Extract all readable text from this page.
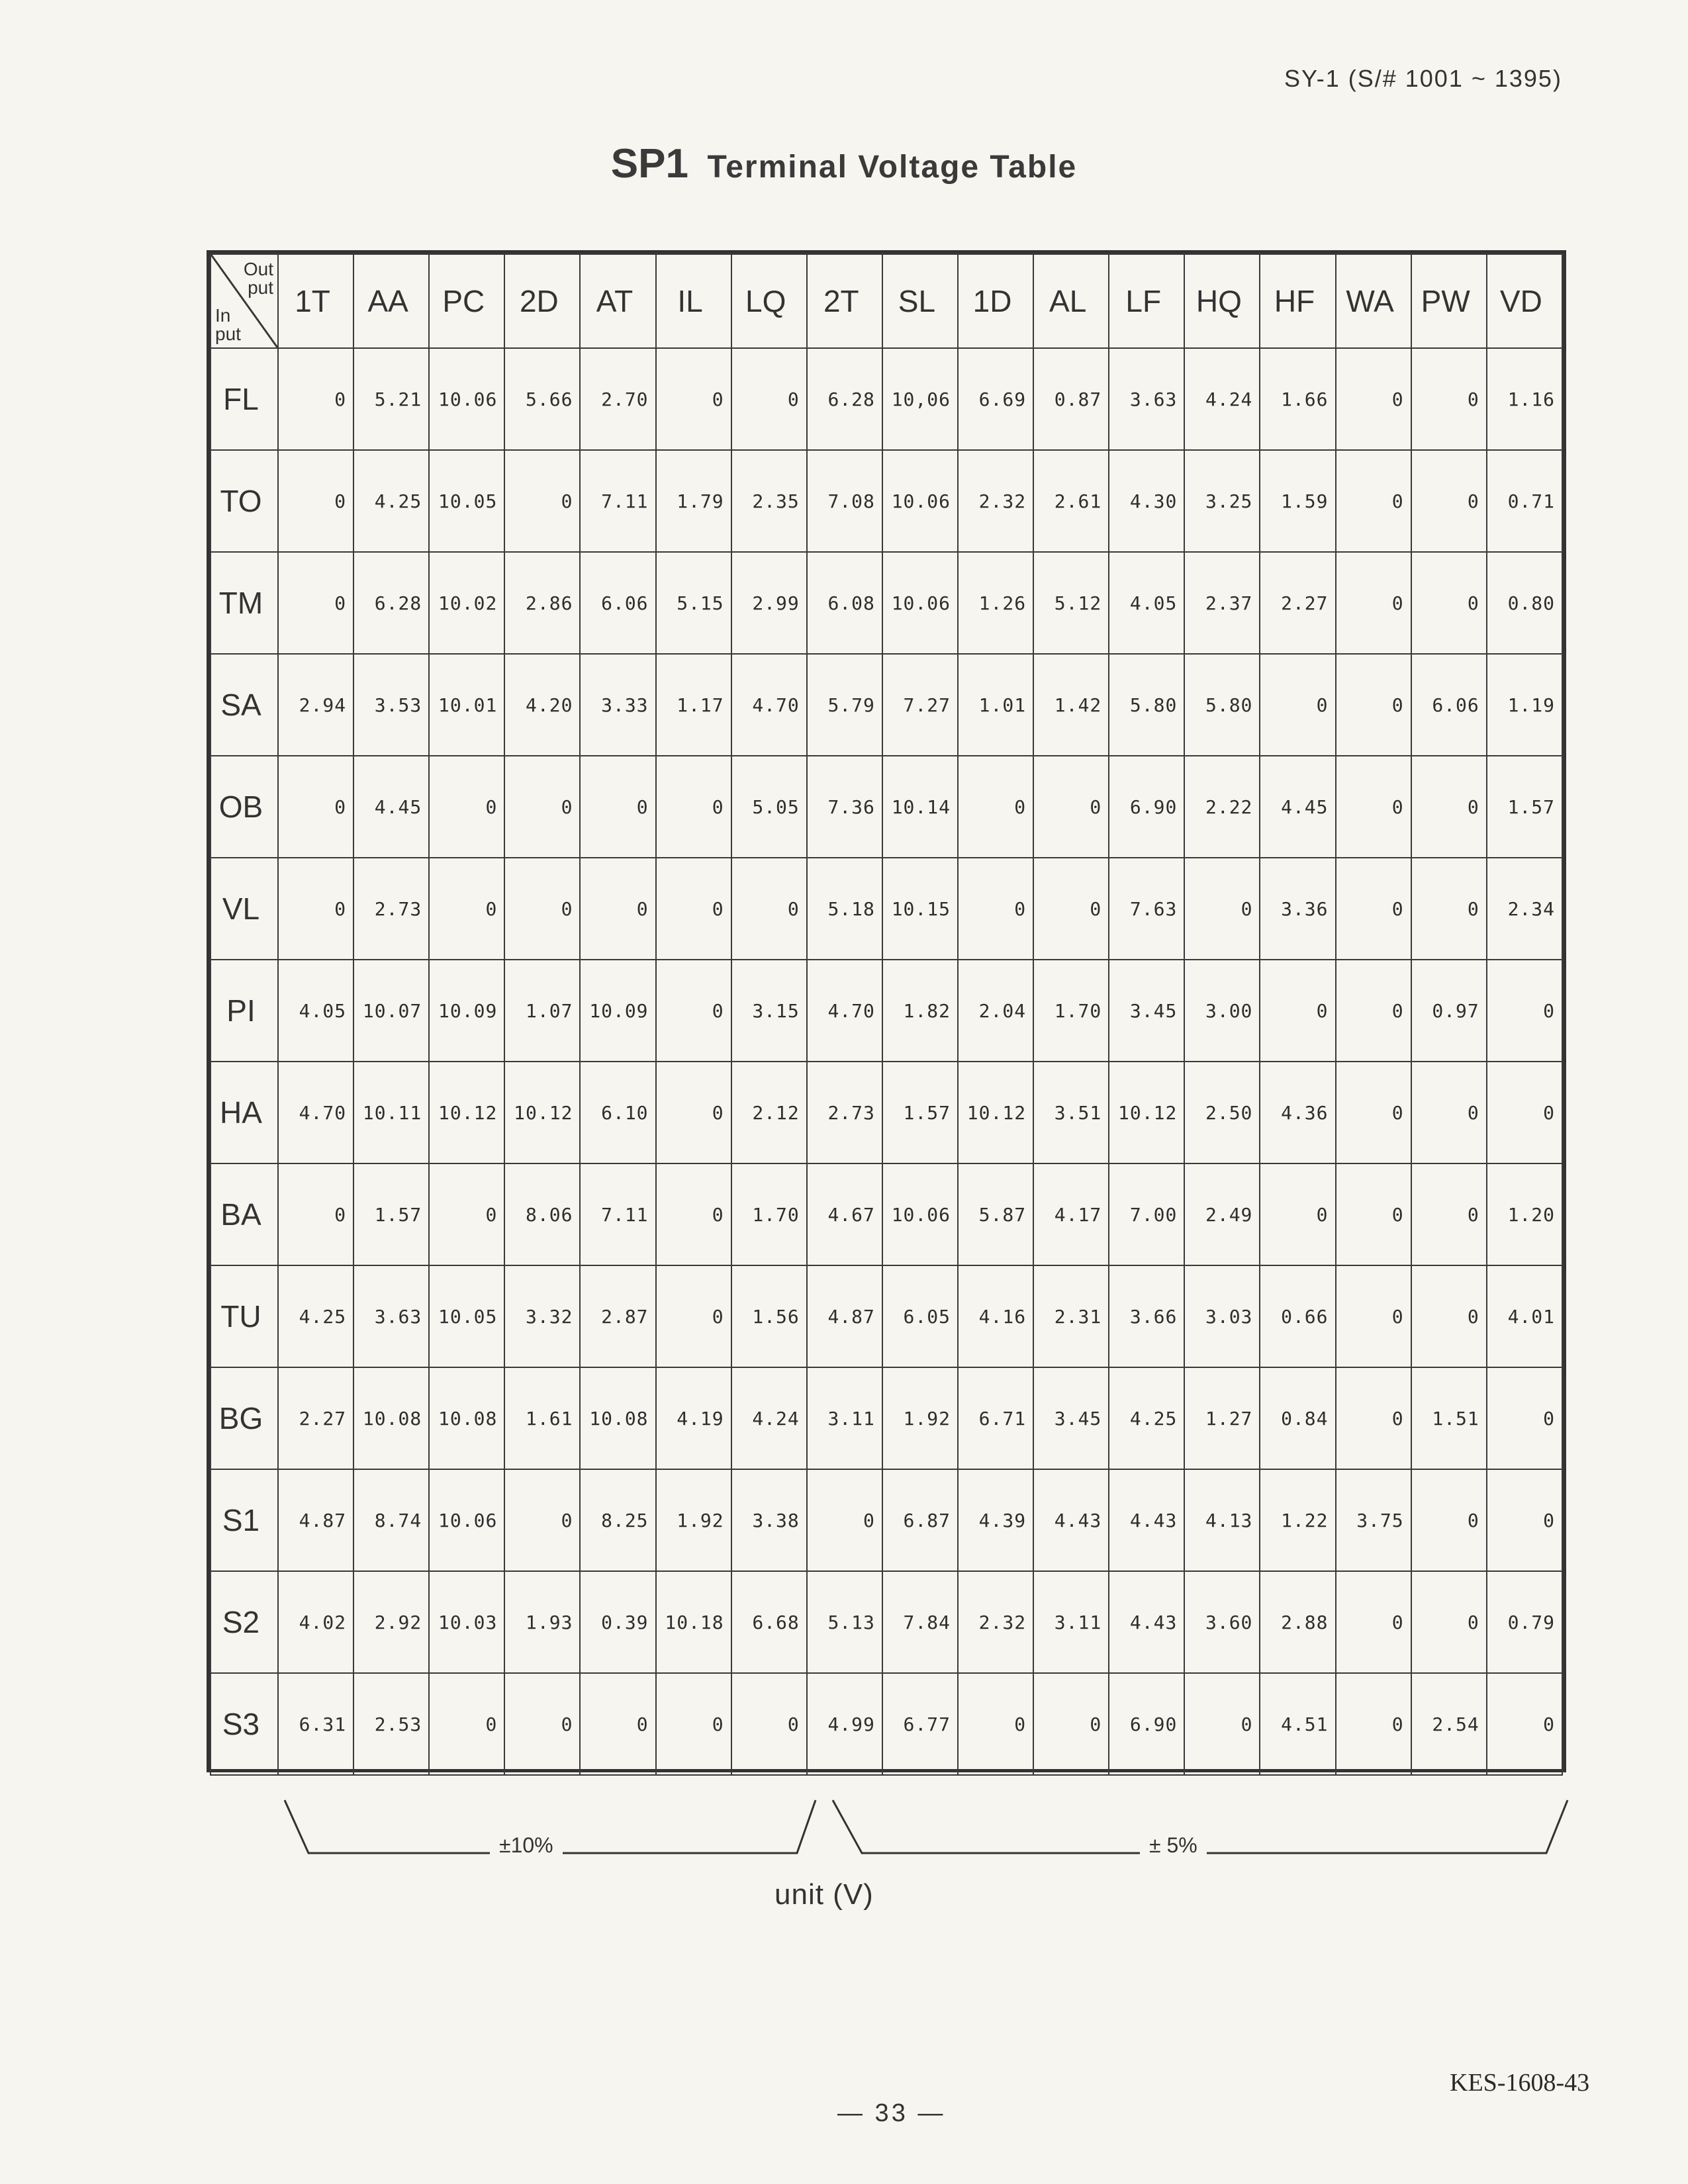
SY-1 (S/# 1001 ~ 1395)
SP1 Terminal Voltage Table
Out
put
In
put	1T	AA	PC	2D	AT	IL	LQ	2T	SL	1D	AL	LF	HQ	HF	WA	PW	VD
FL	0	5.21	10.06	5.66	2.70	0	0	6.28	10,06	6.69	0.87	3.63	4.24	1.66	0	0	1.16
TO	0	4.25	10.05	0	7.11	1.79	2.35	7.08	10.06	2.32	2.61	4.30	3.25	1.59	0	0	0.71
TM	0	6.28	10.02	2.86	6.06	5.15	2.99	6.08	10.06	1.26	5.12	4.05	2.37	2.27	0	0	0.80
SA	2.94	3.53	10.01	4.20	3.33	1.17	4.70	5.79	7.27	1.01	1.42	5.80	5.80	0	0	6.06	1.19
OB	0	4.45	0	0	0	0	5.05	7.36	10.14	0	0	6.90	2.22	4.45	0	0	1.57
VL	0	2.73	0	0	0	0	0	5.18	10.15	0	0	7.63	0	3.36	0	0	2.34
PI	4.05	10.07	10.09	1.07	10.09	0	3.15	4.70	1.82	2.04	1.70	3.45	3.00	0	0	0.97	0
HA	4.70	10.11	10.12	10.12	6.10	0	2.12	2.73	1.57	10.12	3.51	10.12	2.50	4.36	0	0	0
BA	0	1.57	0	8.06	7.11	0	1.70	4.67	10.06	5.87	4.17	7.00	2.49	0	0	0	1.20
TU	4.25	3.63	10.05	3.32	2.87	0	1.56	4.87	6.05	4.16	2.31	3.66	3.03	0.66	0	0	4.01
BG	2.27	10.08	10.08	1.61	10.08	4.19	4.24	3.11	1.92	6.71	3.45	4.25	1.27	0.84	0	1.51	0
S1	4.87	8.74	10.06	0	8.25	1.92	3.38	0	6.87	4.39	4.43	4.43	4.13	1.22	3.75	0	0
S2	4.02	2.92	10.03	1.93	0.39	10.18	6.68	5.13	7.84	2.32	3.11	4.43	3.60	2.88	0	0	0.79
S3	6.31	2.53	0	0	0	0	0	4.99	6.77	0	0	6.90	0	4.51	0	2.54	0
±10%	± 5%
unit (V)
KES-1608-43
— 33 —
